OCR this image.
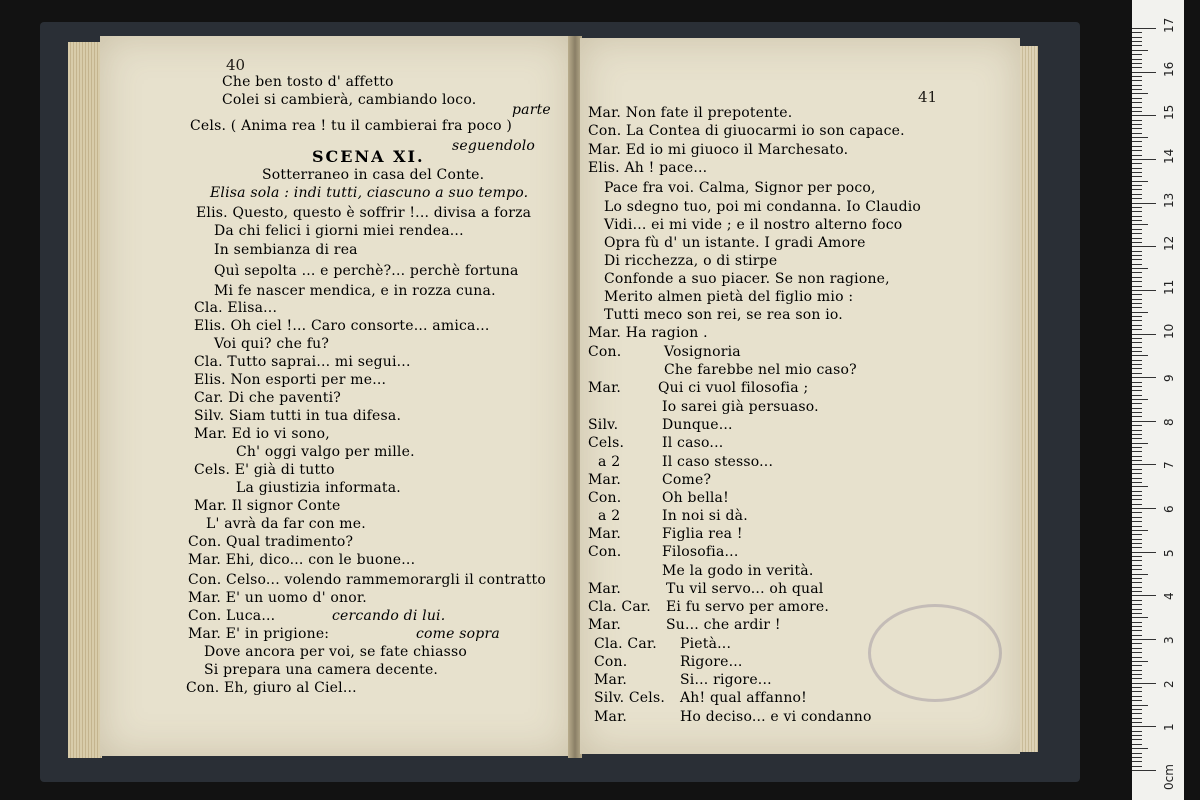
40
41
Che ben tosto d' affetto
Colei si cambierà, cambiando loco.
parte
Cels. ( Anima rea ! tu il cambierai fra poco )
seguendolo
SCENA XI.
Sotterraneo in casa del Conte.
Elisa sola : indi tutti, ciascuno a suo tempo.
Elis. Questo, questo è soffrir !... divisa a forza
Da chi felici i giorni miei rendea...
In sembianza di rea
Quì sepolta ... e perchè?... perchè fortuna
Mi fe nascer mendica, e in rozza cuna.
Cla. Elisa...
Elis. Oh ciel !... Caro consorte... amica...
Voi qui? che fu?
Cla. Tutto saprai... mi segui...
Elis. Non esporti per me...
Car. Di che paventi?
Silv. Siam tutti in tua difesa.
Mar. Ed io vi sono,
Ch' oggi valgo per mille.
Cels. E' già di tutto
La giustizia informata.
Mar. Il signor Conte
L' avrà da far con me.
Con. Qual tradimento?
Mar. Ehi, dico... con le buone...
Con. Celso... volendo rammemorargli il contratto
Mar. E' un uomo d' onor.
Con. Luca...	cercando di lui.
Mar. E' in prigione:	come sopra
Dove ancora per voi, se fate chiasso
Si prepara una camera decente.
Con. Eh, giuro al Ciel...
Mar. Non fate il prepotente.
Con. La Contea di giuocarmi io son capace.
Mar. Ed io mi giuoco il Marchesato.
Elis. Ah ! pace...
Pace fra voi. Calma, Signor per poco,
Lo sdegno tuo, poi mi condanna. Io Claudio
Vidi... ei mi vide ; e il nostro alterno foco
Opra fù d' un istante. I gradi Amore
Di ricchezza, o di stirpe
Confonde a suo piacer. Se non ragione,
Merito almen pietà del figlio mio :
Tutti meco son rei, se rea son io.
Mar. Ha ragion .
Con.	Vosignoria
Che farebbe nel mio caso?
Mar.	Qui ci vuol filosofia ;
Io sarei già persuaso.
Silv.	Dunque...
Cels.	Il caso...
a 2	Il caso stesso...
Mar.	Come?
Con.	Oh bella!
a 2	In noi si dà.
Mar.	Figlia rea !
Con.	Filosofia...
Me la godo in verità.
Mar.	Tu vil servo... oh qual
Cla. Car. Ei fu servo per amore.
Mar.	Su... che ardir !
Cla. Car. Pietà...
Con.	Rigore...
Mar.	Si... rigore...
Silv. Cels. Ah! qual affanno!
Mar.	Ho deciso... e vi condanno
0cm
1
2
3
4
5
6
7
8
9
10
11
12
13
14
15
16
17
